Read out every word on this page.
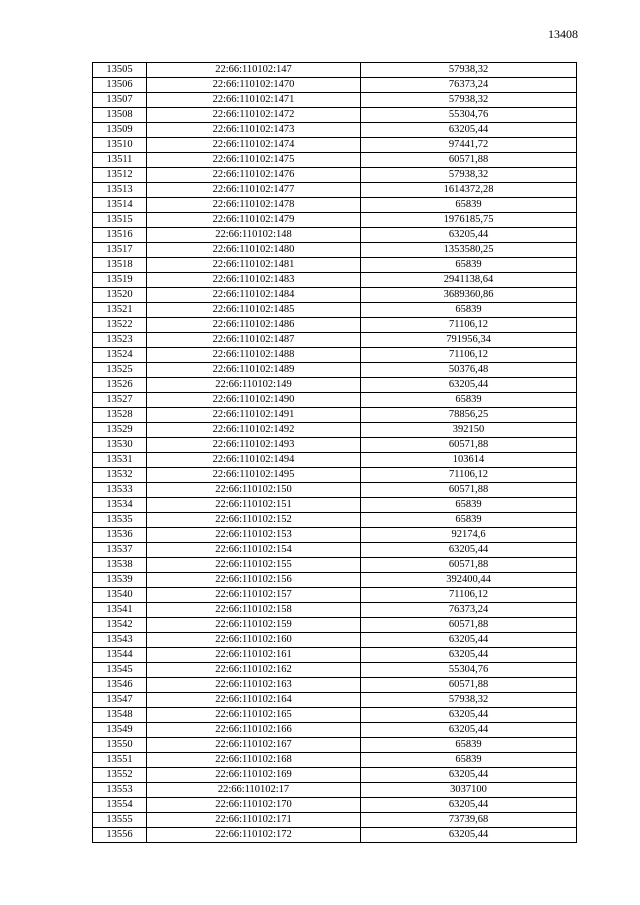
13408
13505	22:66:110102:147	57938,32
13506	22:66:110102:1470	76373,24
13507	22:66:110102:1471	57938,32
13508	22:66:110102:1472	55304,76
13509	22:66:110102:1473	63205,44
13510	22:66:110102:1474	97441,72
13511	22:66:110102:1475	60571,88
13512	22:66:110102:1476	57938,32
13513	22:66:110102:1477	1614372,28
13514	22:66:110102:1478	65839
13515	22:66:110102:1479	1976185,75
13516	22:66:110102:148	63205,44
13517	22:66:110102:1480	1353580,25
13518	22:66:110102:1481	65839
13519	22:66:110102:1483	2941138,64
13520	22:66:110102:1484	3689360,86
13521	22:66:110102:1485	65839
13522	22:66:110102:1486	71106,12
13523	22:66:110102:1487	791956,34
13524	22:66:110102:1488	71106,12
13525	22:66:110102:1489	50376,48
13526	22:66:110102:149	63205,44
13527	22:66:110102:1490	65839
13528	22:66:110102:1491	78856,25
13529	22:66:110102:1492	392150
13530	22:66:110102:1493	60571,88
13531	22:66:110102:1494	103614
13532	22:66:110102:1495	71106,12
13533	22:66:110102:150	60571,88
13534	22:66:110102:151	65839
13535	22:66:110102:152	65839
13536	22:66:110102:153	92174,6
13537	22:66:110102:154	63205,44
13538	22:66:110102:155	60571,88
13539	22:66:110102:156	392400,44
13540	22:66:110102:157	71106,12
13541	22:66:110102:158	76373,24
13542	22:66:110102:159	60571,88
13543	22:66:110102:160	63205,44
13544	22:66:110102:161	63205,44
13545	22:66:110102:162	55304,76
13546	22:66:110102:163	60571,88
13547	22:66:110102:164	57938,32
13548	22:66:110102:165	63205,44
13549	22:66:110102:166	63205,44
13550	22:66:110102:167	65839
13551	22:66:110102:168	65839
13552	22:66:110102:169	63205,44
13553	22:66:110102:17	3037100
13554	22:66:110102:170	63205,44
13555	22:66:110102:171	73739,68
13556	22:66:110102:172	63205,44
